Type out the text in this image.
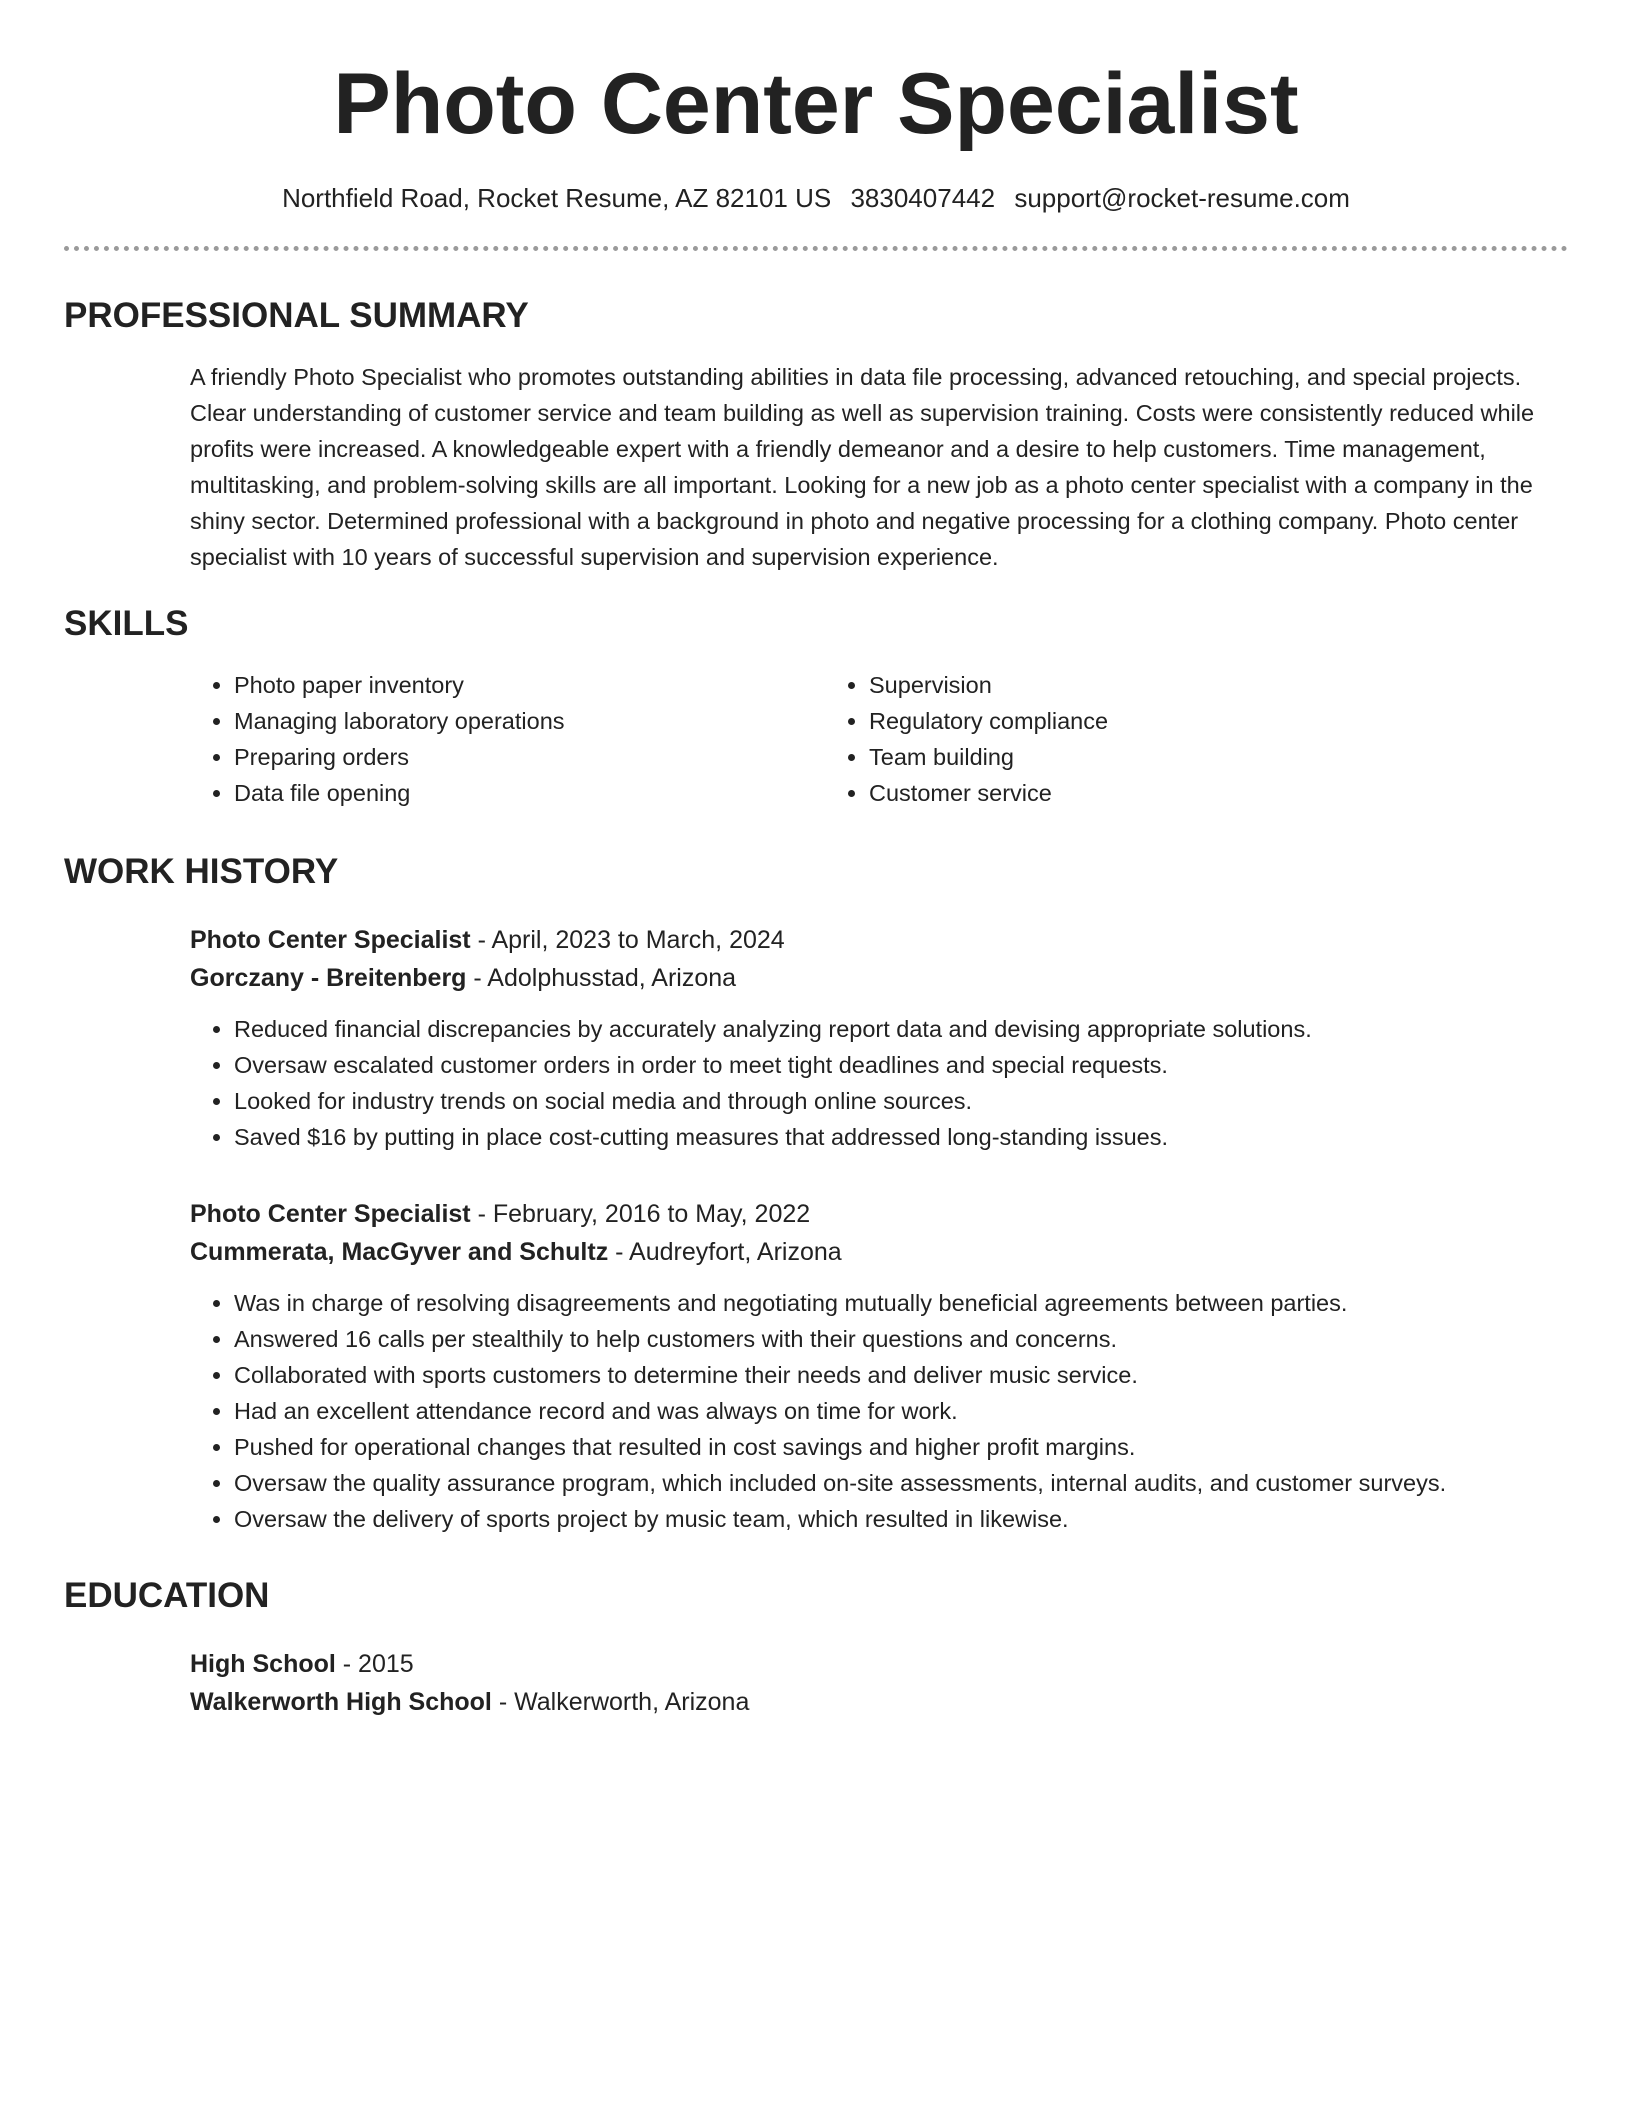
Photo Center Specialist
Northfield Road, Rocket Resume, AZ 82101 US 3830407442 support@rocket-resume.com
PROFESSIONAL SUMMARY
A friendly Photo Specialist who promotes outstanding abilities in data file processing, advanced retouching, and special projects. Clear understanding of customer service and team building as well as supervision training. Costs were consistently reduced while profits were increased. A knowledgeable expert with a friendly demeanor and a desire to help customers. Time management, multitasking, and problem-solving skills are all important. Looking for a new job as a photo center specialist with a company in the shiny sector. Determined professional with a background in photo and negative processing for a clothing company. Photo center specialist with 10 years of successful supervision and supervision experience.
SKILLS
• Photo paper inventory
• Managing laboratory operations
• Preparing orders
• Data file opening
• Supervision
• Regulatory compliance
• Team building
• Customer service
WORK HISTORY
Photo Center Specialist - April, 2023 to March, 2024
Gorczany - Breitenberg - Adolphusstad, Arizona
• Reduced financial discrepancies by accurately analyzing report data and devising appropriate solutions.
• Oversaw escalated customer orders in order to meet tight deadlines and special requests.
• Looked for industry trends on social media and through online sources.
• Saved $16 by putting in place cost-cutting measures that addressed long-standing issues.
Photo Center Specialist - February, 2016 to May, 2022
Cummerata, MacGyver and Schultz - Audreyfort, Arizona
• Was in charge of resolving disagreements and negotiating mutually beneficial agreements between parties.
• Answered 16 calls per stealthily to help customers with their questions and concerns.
• Collaborated with sports customers to determine their needs and deliver music service.
• Had an excellent attendance record and was always on time for work.
• Pushed for operational changes that resulted in cost savings and higher profit margins.
• Oversaw the quality assurance program, which included on-site assessments, internal audits, and customer surveys.
• Oversaw the delivery of sports project by music team, which resulted in likewise.
EDUCATION
High School - 2015
Walkerworth High School - Walkerworth, Arizona
